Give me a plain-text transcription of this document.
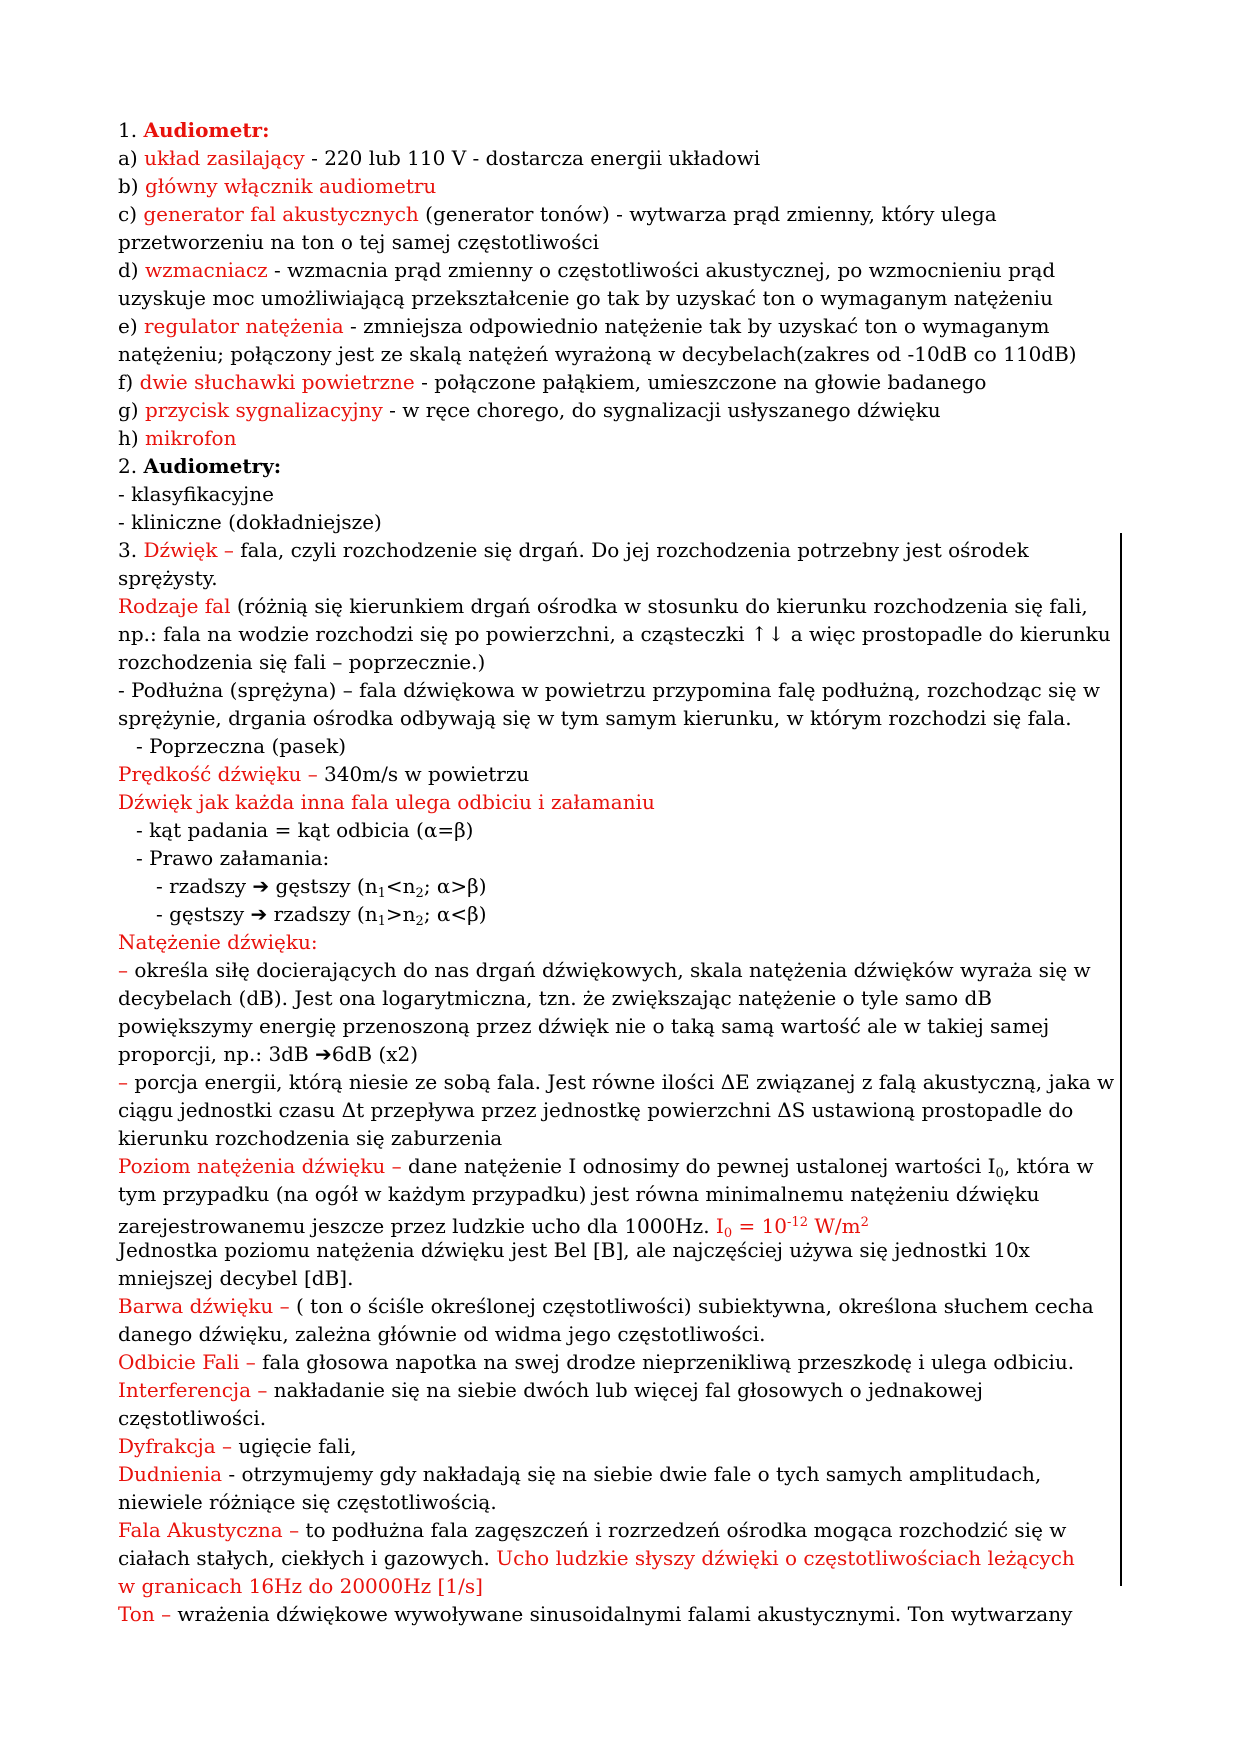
1. Audiometr:
a) układ zasilający - 220 lub 110 V - dostarcza energii układowi
b) główny włącznik audiometru
c) generator fal akustycznych (generator tonów) - wytwarza prąd zmienny, który ulega
przetworzeniu na ton o tej samej częstotliwości
d) wzmacniacz - wzmacnia prąd zmienny o częstotliwości akustycznej, po wzmocnieniu prąd
uzyskuje moc umożliwiającą przekształcenie go tak by uzyskać ton o wymaganym natężeniu
e) regulator natężenia - zmniejsza odpowiednio natężenie tak by uzyskać ton o wymaganym
natężeniu; połączony jest ze skalą natężeń wyrażoną w decybelach(zakres od -10dB co 110dB)
f) dwie słuchawki powietrzne - połączone pałąkiem, umieszczone na głowie badanego
g) przycisk sygnalizacyjny - w ręce chorego, do sygnalizacji usłyszanego dźwięku
h) mikrofon
2. Audiometry:
- klasyfikacyjne
- kliniczne (dokładniejsze)
3. Dźwięk – fala, czyli rozchodzenie się drgań. Do jej rozchodzenia potrzebny jest ośrodek
sprężysty.
Rodzaje fal (różnią się kierunkiem drgań ośrodka w stosunku do kierunku rozchodzenia się fali,
np.: fala na wodzie rozchodzi się po powierzchni, a cząsteczki ↑↓ a więc prostopadle do kierunku
rozchodzenia się fali – poprzecznie.)
- Podłużna (sprężyna) – fala dźwiękowa w powietrzu przypomina falę podłużną, rozchodząc się w
sprężynie, drgania ośrodka odbywają się w tym samym kierunku, w którym rozchodzi się fala.
- Poprzeczna (pasek)
Prędkość dźwięku – 340m/s w powietrzu
Dźwięk jak każda inna fala ulega odbiciu i załamaniu
- kąt padania = kąt odbicia (α=β)
- Prawo załamania:
- rzadszy ➔ gęstszy ($n_1<n_2$; α>β)
- gęstszy ➔ rzadszy ($n_1>n_2$; α<β)
Natężenie dźwięku:
– określa siłę docierających do nas drgań dźwiękowych, skala natężenia dźwięków wyraża się w
decybelach (dB). Jest ona logarytmiczna, tzn. że zwiększając natężenie o tyle samo dB
powiększymy energię przenoszoną przez dźwięk nie o taką samą wartość ale w takiej samej
proporcji, np.: 3dB ➔6dB (x2)
– porcja energii, którą niesie ze sobą fala. Jest równe ilości ΔE związanej z falą akustyczną, jaka w
ciągu jednostki czasu Δt przepływa przez jednostkę powierzchni ΔS ustawioną prostopadle do
kierunku rozchodzenia się zaburzenia
Poziom natężenia dźwięku – dane natężenie I odnosimy do pewnej ustalonej wartości $I_0$, która w
tym przypadku (na ogół w każdym przypadku) jest równa minimalnemu natężeniu dźwięku
zarejestrowanemu jeszcze przez ludzkie ucho dla 1000Hz. $I_0 = 10^{-12}$ $W/m^2$
Jednostka poziomu natężenia dźwięku jest Bel [B], ale najczęściej używa się jednostki 10x
mniejszej decybel [dB].
Barwa dźwięku – ( ton o ściśle określonej częstotliwości) subiektywna, określona słuchem cecha
danego dźwięku, zależna głównie od widma jego częstotliwości.
Odbicie Fali – fala głosowa napotka na swej drodze nieprzenikliwą przeszkodę i ulega odbiciu.
Interferencja – nakładanie się na siebie dwóch lub więcej fal głosowych o jednakowej
częstotliwości.
Dyfrakcja – ugięcie fali,
Dudnienia - otrzymujemy gdy nakładają się na siebie dwie fale o tych samych amplitudach,
niewiele różniące się częstotliwością.
Fala Akustyczna – to podłużna fala zagęszczeń i rozrzedzeń ośrodka mogąca rozchodzić się w
ciałach stałych, ciekłych i gazowych. Ucho ludzkie słyszy dźwięki o częstotliwościach leżących
w granicach 16Hz do 20000Hz [1/s]
Ton – wrażenia dźwiękowe wywoływane sinusoidalnymi falami akustycznymi. Ton wytwarzany
